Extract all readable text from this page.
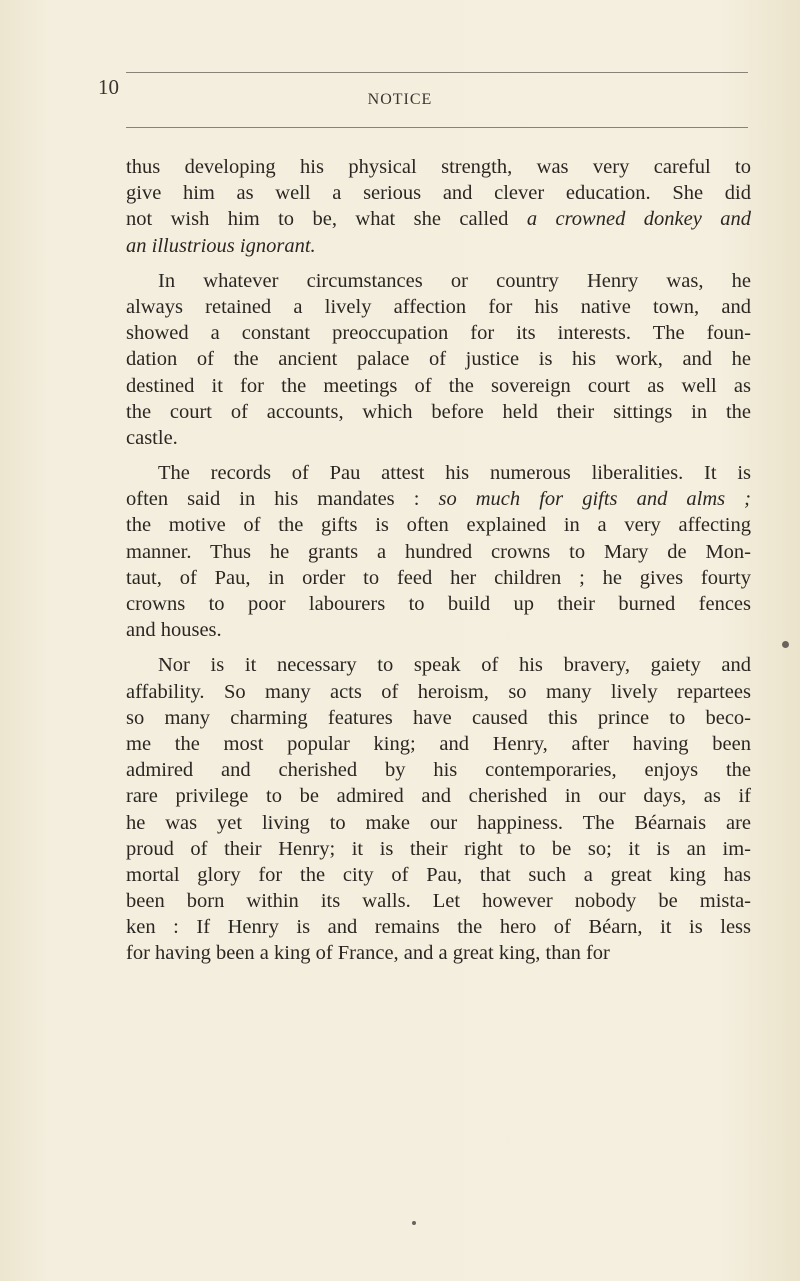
10
NOTICE
thus developing his physical strength, was very careful to
give him as well a serious and clever education. She did
not wish him to be, what she called a crowned donkey and
an illustrious ignorant.
In whatever circumstances or country Henry was, he
always retained a lively affection for his native town, and
showed a constant preoccupation for its interests. The foun-
dation of the ancient palace of justice is his work, and he
destined it for the meetings of the sovereign court as well as
the court of accounts, which before held their sittings in the
castle.
The records of Pau attest his numerous liberalities. It is
often said in his mandates : so much for gifts and alms ;
the motive of the gifts is often explained in a very affecting
manner. Thus he grants a hundred crowns to Mary de Mon-
taut, of Pau, in order to feed her children ; he gives fourty
crowns to poor labourers to build up their burned fences
and houses.
Nor is it necessary to speak of his bravery, gaiety and
affability. So many acts of heroism, so many lively repartees
so many charming features have caused this prince to beco-
me the most popular king; and Henry, after having been
admired and cherished by his contemporaries, enjoys the
rare privilege to be admired and cherished in our days, as if
he was yet living to make our happiness. The Béarnais are
proud of their Henry; it is their right to be so; it is an im-
mortal glory for the city of Pau, that such a great king has
been born within its walls. Let however nobody be mista-
ken : If Henry is and remains the hero of Béarn, it is less
for having been a king of France, and a great king, than for
